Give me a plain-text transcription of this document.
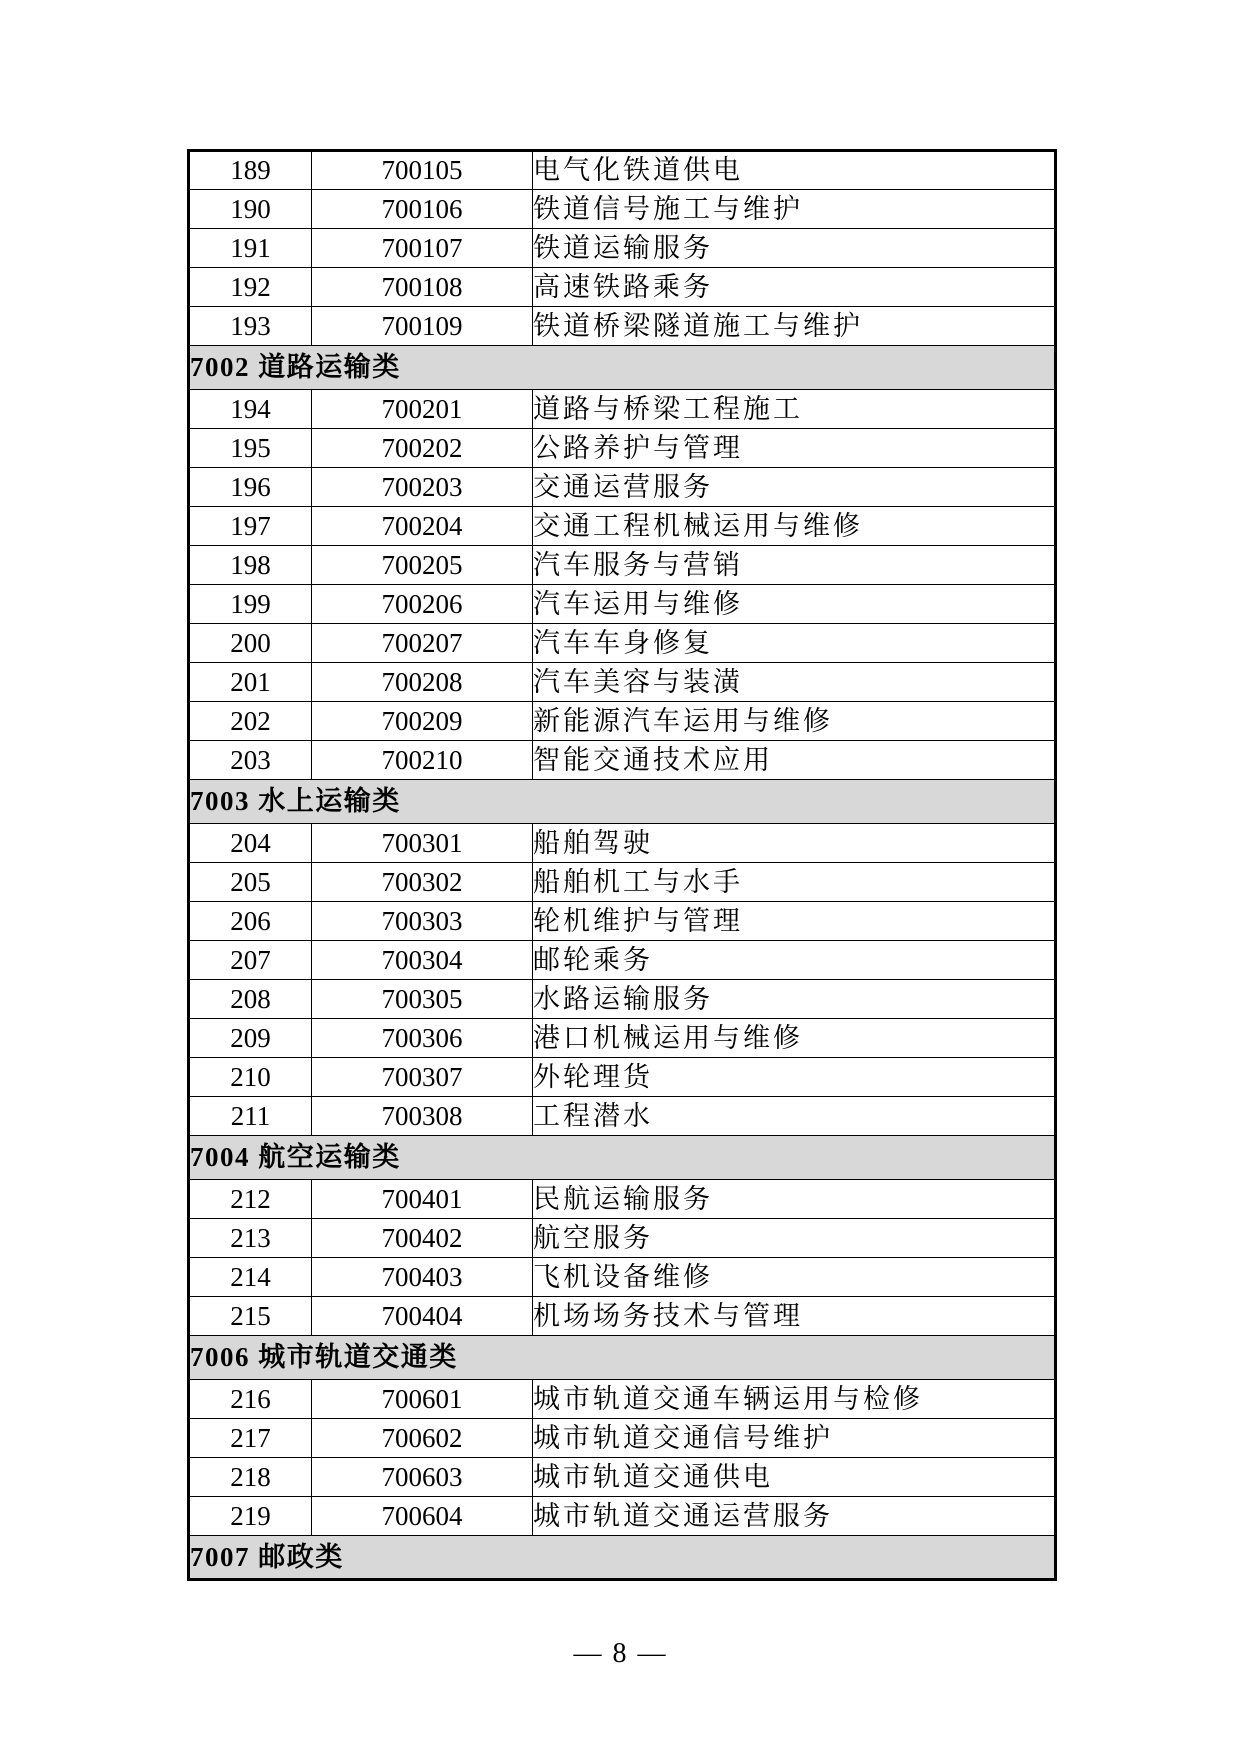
189	700105	电气化铁道供电
190	700106	铁道信号施工与维护
191	700107	铁道运输服务
192	700108	高速铁路乘务
193	700109	铁道桥梁隧道施工与维护
7002 道路运输类		
194	700201	道路与桥梁工程施工
195	700202	公路养护与管理
196	700203	交通运营服务
197	700204	交通工程机械运用与维修
198	700205	汽车服务与营销
199	700206	汽车运用与维修
200	700207	汽车车身修复
201	700208	汽车美容与装潢
202	700209	新能源汽车运用与维修
203	700210	智能交通技术应用
7003 水上运输类		
204	700301	船舶驾驶
205	700302	船舶机工与水手
206	700303	轮机维护与管理
207	700304	邮轮乘务
208	700305	水路运输服务
209	700306	港口机械运用与维修
210	700307	外轮理货
211	700308	工程潜水
7004 航空运输类		
212	700401	民航运输服务
213	700402	航空服务
214	700403	飞机设备维修
215	700404	机场场务技术与管理
7006 城市轨道交通类		
216	700601	城市轨道交通车辆运用与检修
217	700602	城市轨道交通信号维护
218	700603	城市轨道交通供电
219	700604	城市轨道交通运营服务
7007 邮政类		
— 8 —
